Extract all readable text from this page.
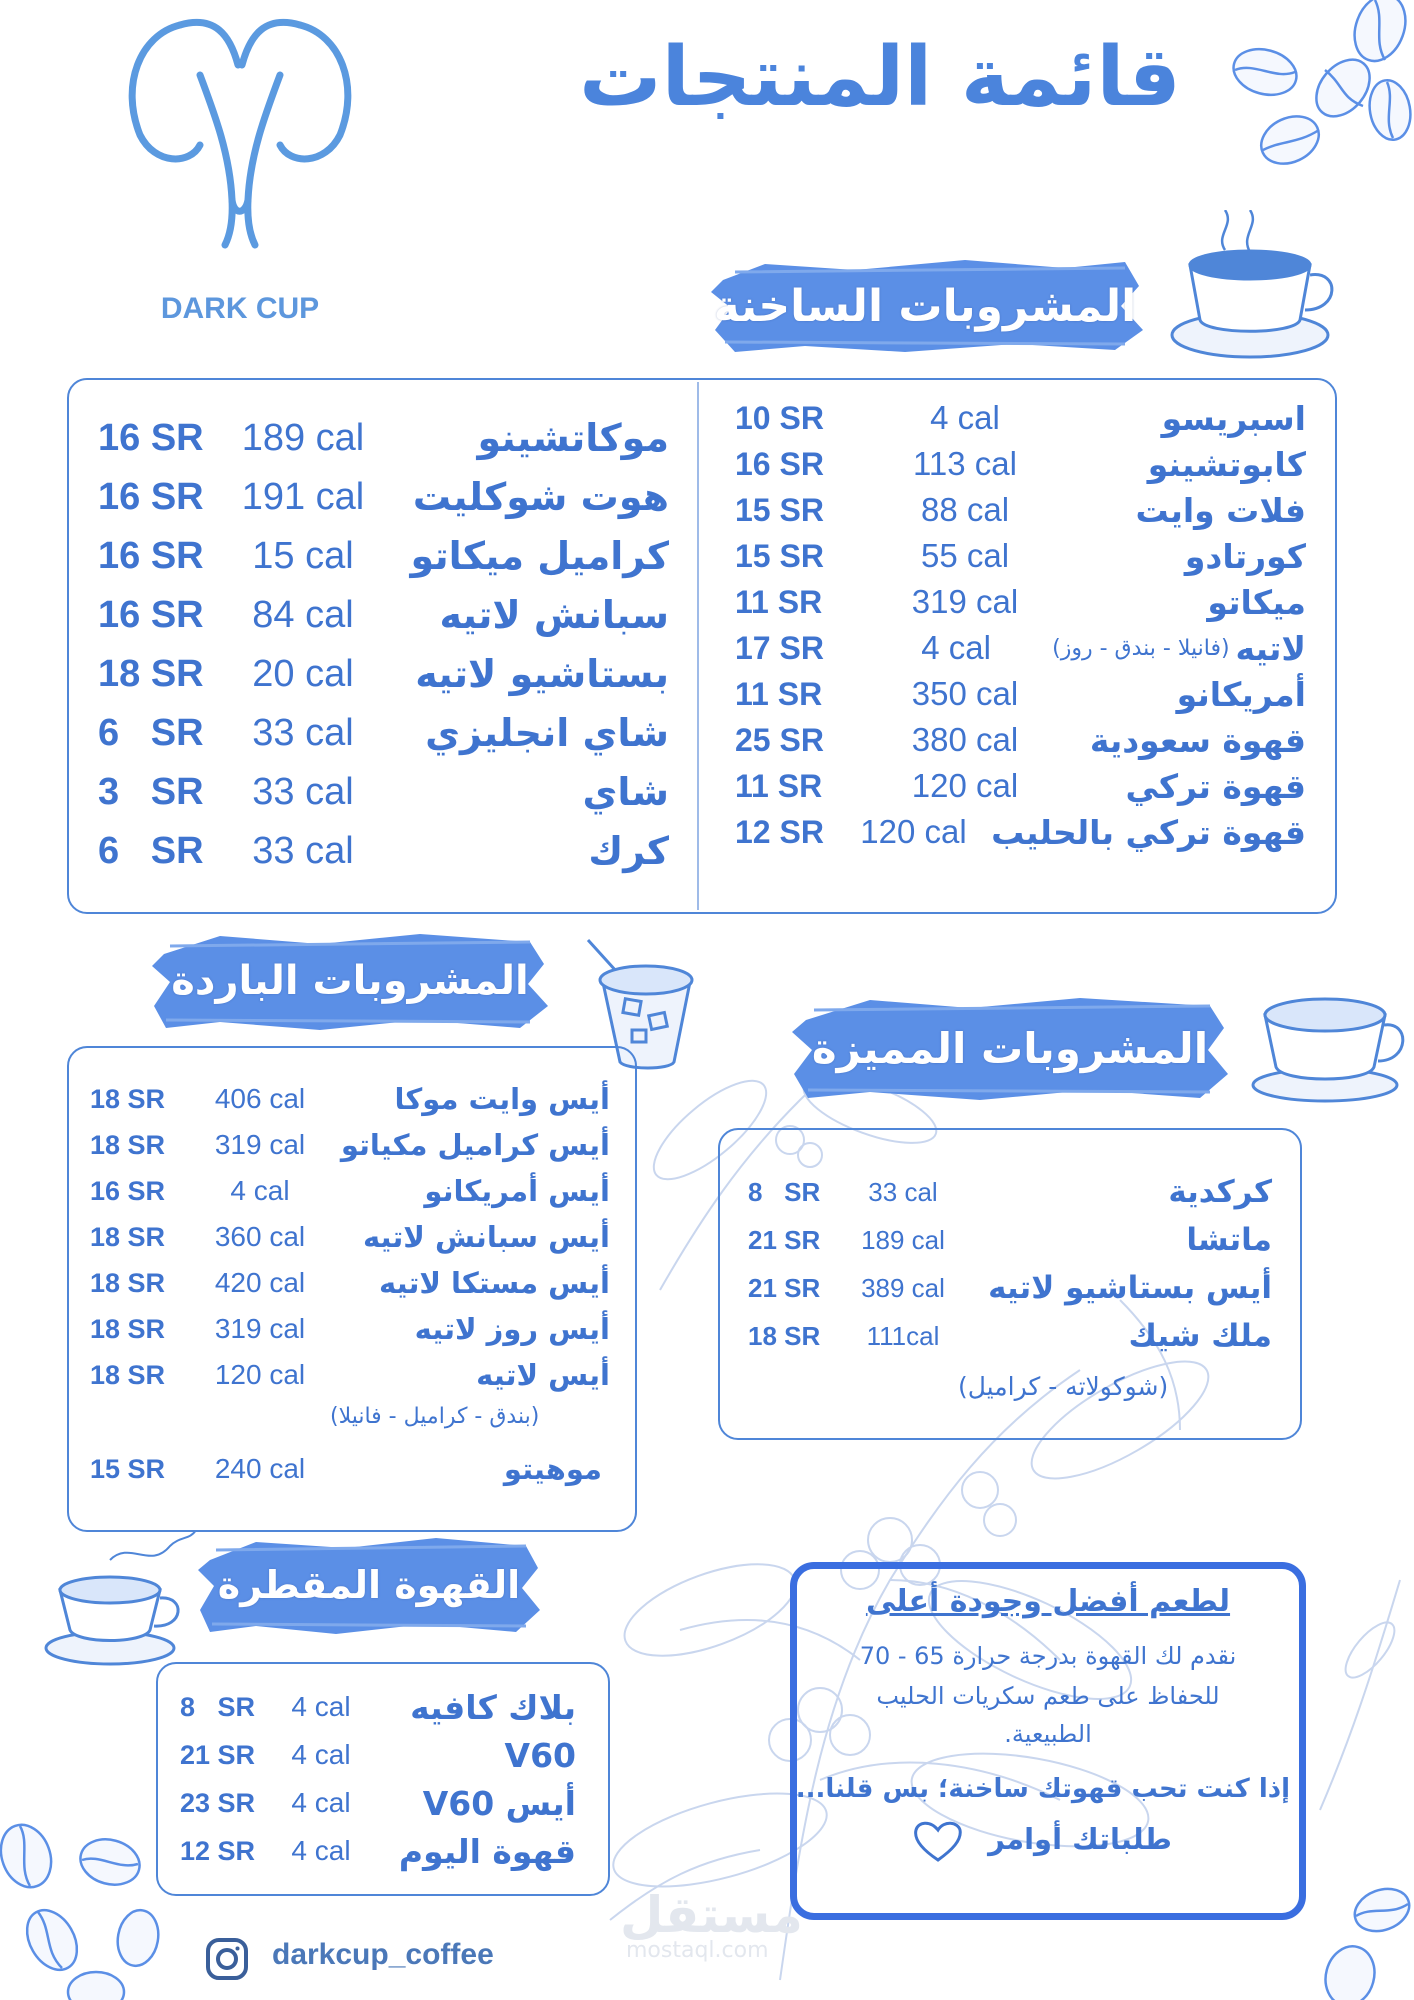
DARK CUP
قائمة المنتجات
المشروبات الساخنة
اسبريسو
4 cal
10 SR
كابوتشينو
113 cal
16 SR
فلات وايت
88 cal
15 SR
كورتادو
55 cal
15 SR
ميكاتو
319 cal
11 SR
لاتيه
(فانيلا - بندق - روز)
4 cal
17 SR
أمريكانو
350 cal
11 SR
قهوة سعودية
380 cal
25 SR
قهوة تركي
120 cal
11 SR
قهوة تركي بالحليب
120 cal
12 SR
موكاتشينو
189 cal
16 SR
هوت شوكليت
191 cal
16 SR
كراميل ميكاتو
15 cal
16 SR
سبانش لاتيه
84 cal
16 SR
بستاشيو لاتيه
20 cal
18 SR
شاي انجليزي
33 cal
6   SR
شاي
33 cal
3   SR
كرك
33 cal
6   SR
المشروبات الباردة
أيس وايت موكا
406 cal
18 SR
أيس كراميل مكياتو
319 cal
18 SR
أيس أمريكانو
4 cal
16 SR
أيس سبانش لاتيه
360 cal
18 SR
أيس مستكا لاتيه
420 cal
18 SR
أيس روز لاتيه
319 cal
18 SR
أيس لاتيه
120 cal
18 SR
(بندق - كراميل - فانيلا)
موهيتو
240 cal
15 SR
المشروبات المميزة
كركدية
33 cal
8   SR
ماتشا
189 cal
21 SR
أيس بستاشيو لاتيه
389 cal
21 SR
ملك شيك
111cal
18 SR
(شوكولاته - كراميل)
القهوة المقطرة
بلاك كافيه
4 cal
8   SR
V60
4 cal
21 SR
أيس V60
4 cal
23 SR
قهوة اليوم
4 cal
12 SR
لطعم أفضل وجودة أعلى
نقدم لك القهوة بدرجة حرارة 65 - 70
للحفاظ على طعم سكريات الحليب
الطبيعية.
إذا كنت تحب قهوتك ساخنة؛ بس قلنا...
طلباتك أوامر
مستقل
mostaql.com
darkcup_coffee
